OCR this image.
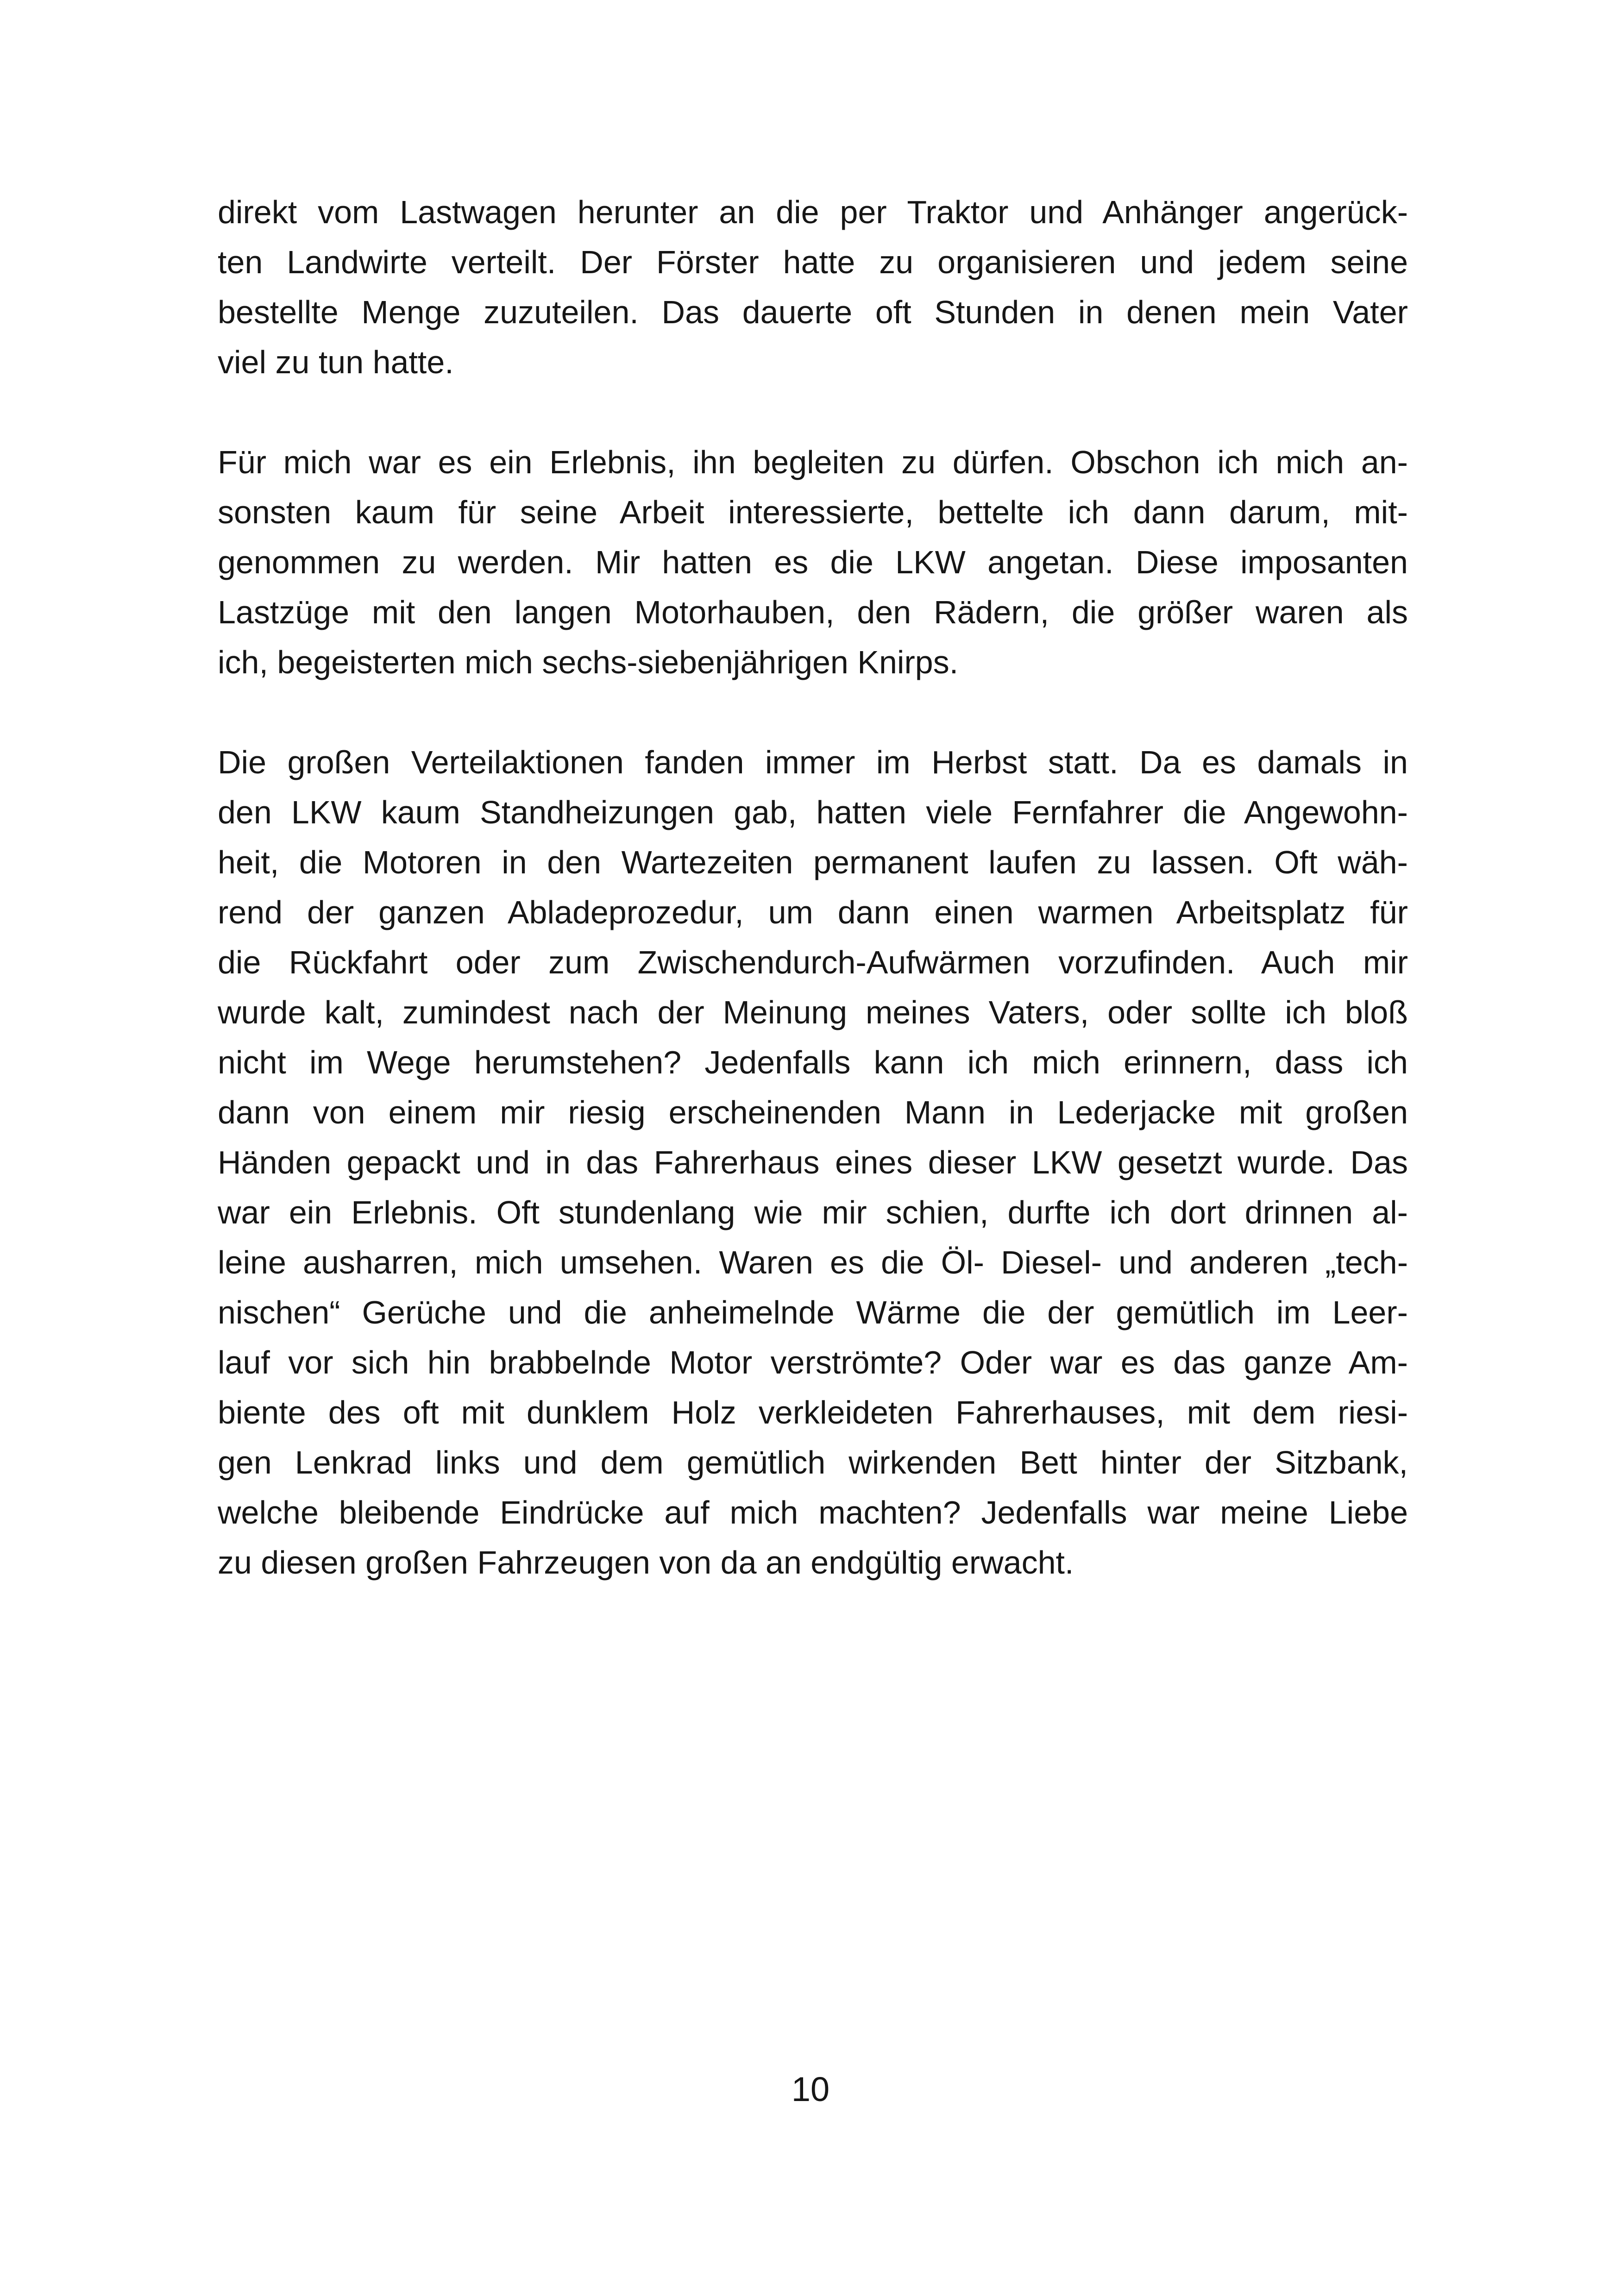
direkt vom Lastwagen herunter an die per Traktor und Anhänger angerück-
ten Landwirte verteilt. Der Förster hatte zu organisieren und jedem seine
bestellte Menge zuzuteilen. Das dauerte oft Stunden in denen mein Vater
viel zu tun hatte.

Für mich war es ein Erlebnis, ihn begleiten zu dürfen. Obschon ich mich an-
sonsten kaum für seine Arbeit interessierte, bettelte ich dann darum, mit-
genommen zu werden. Mir hatten es die LKW angetan. Diese imposanten
Lastzüge mit den langen Motorhauben, den Rädern, die größer waren als
ich, begeisterten mich sechs-siebenjährigen Knirps.

Die großen Verteilaktionen fanden immer im Herbst statt. Da es damals in
den LKW kaum Standheizungen gab, hatten viele Fernfahrer die Angewohn-
heit, die Motoren in den Wartezeiten permanent laufen zu lassen. Oft wäh-
rend der ganzen Abladeprozedur, um dann einen warmen Arbeitsplatz für
die Rückfahrt oder zum Zwischendurch-Aufwärmen vorzufinden. Auch mir
wurde kalt, zumindest nach der Meinung meines Vaters, oder sollte ich bloß
nicht im Wege herumstehen? Jedenfalls kann ich mich erinnern, dass ich
dann von einem mir riesig erscheinenden Mann in Lederjacke mit großen
Händen gepackt und in das Fahrerhaus eines dieser LKW gesetzt wurde. Das
war ein Erlebnis. Oft stundenlang wie mir schien, durfte ich dort drinnen al-
leine ausharren, mich umsehen. Waren es die Öl- Diesel- und anderen „tech-
nischen“ Gerüche und die anheimelnde Wärme die der gemütlich im Leer-
lauf vor sich hin brabbelnde Motor verströmte? Oder war es das ganze Am-
biente des oft mit dunklem Holz verkleideten Fahrerhauses, mit dem riesi-
gen Lenkrad links und dem gemütlich wirkenden Bett hinter der Sitzbank,
welche bleibende Eindrücke auf mich machten? Jedenfalls war meine Liebe
zu diesen großen Fahrzeugen von da an endgültig erwacht.

10
